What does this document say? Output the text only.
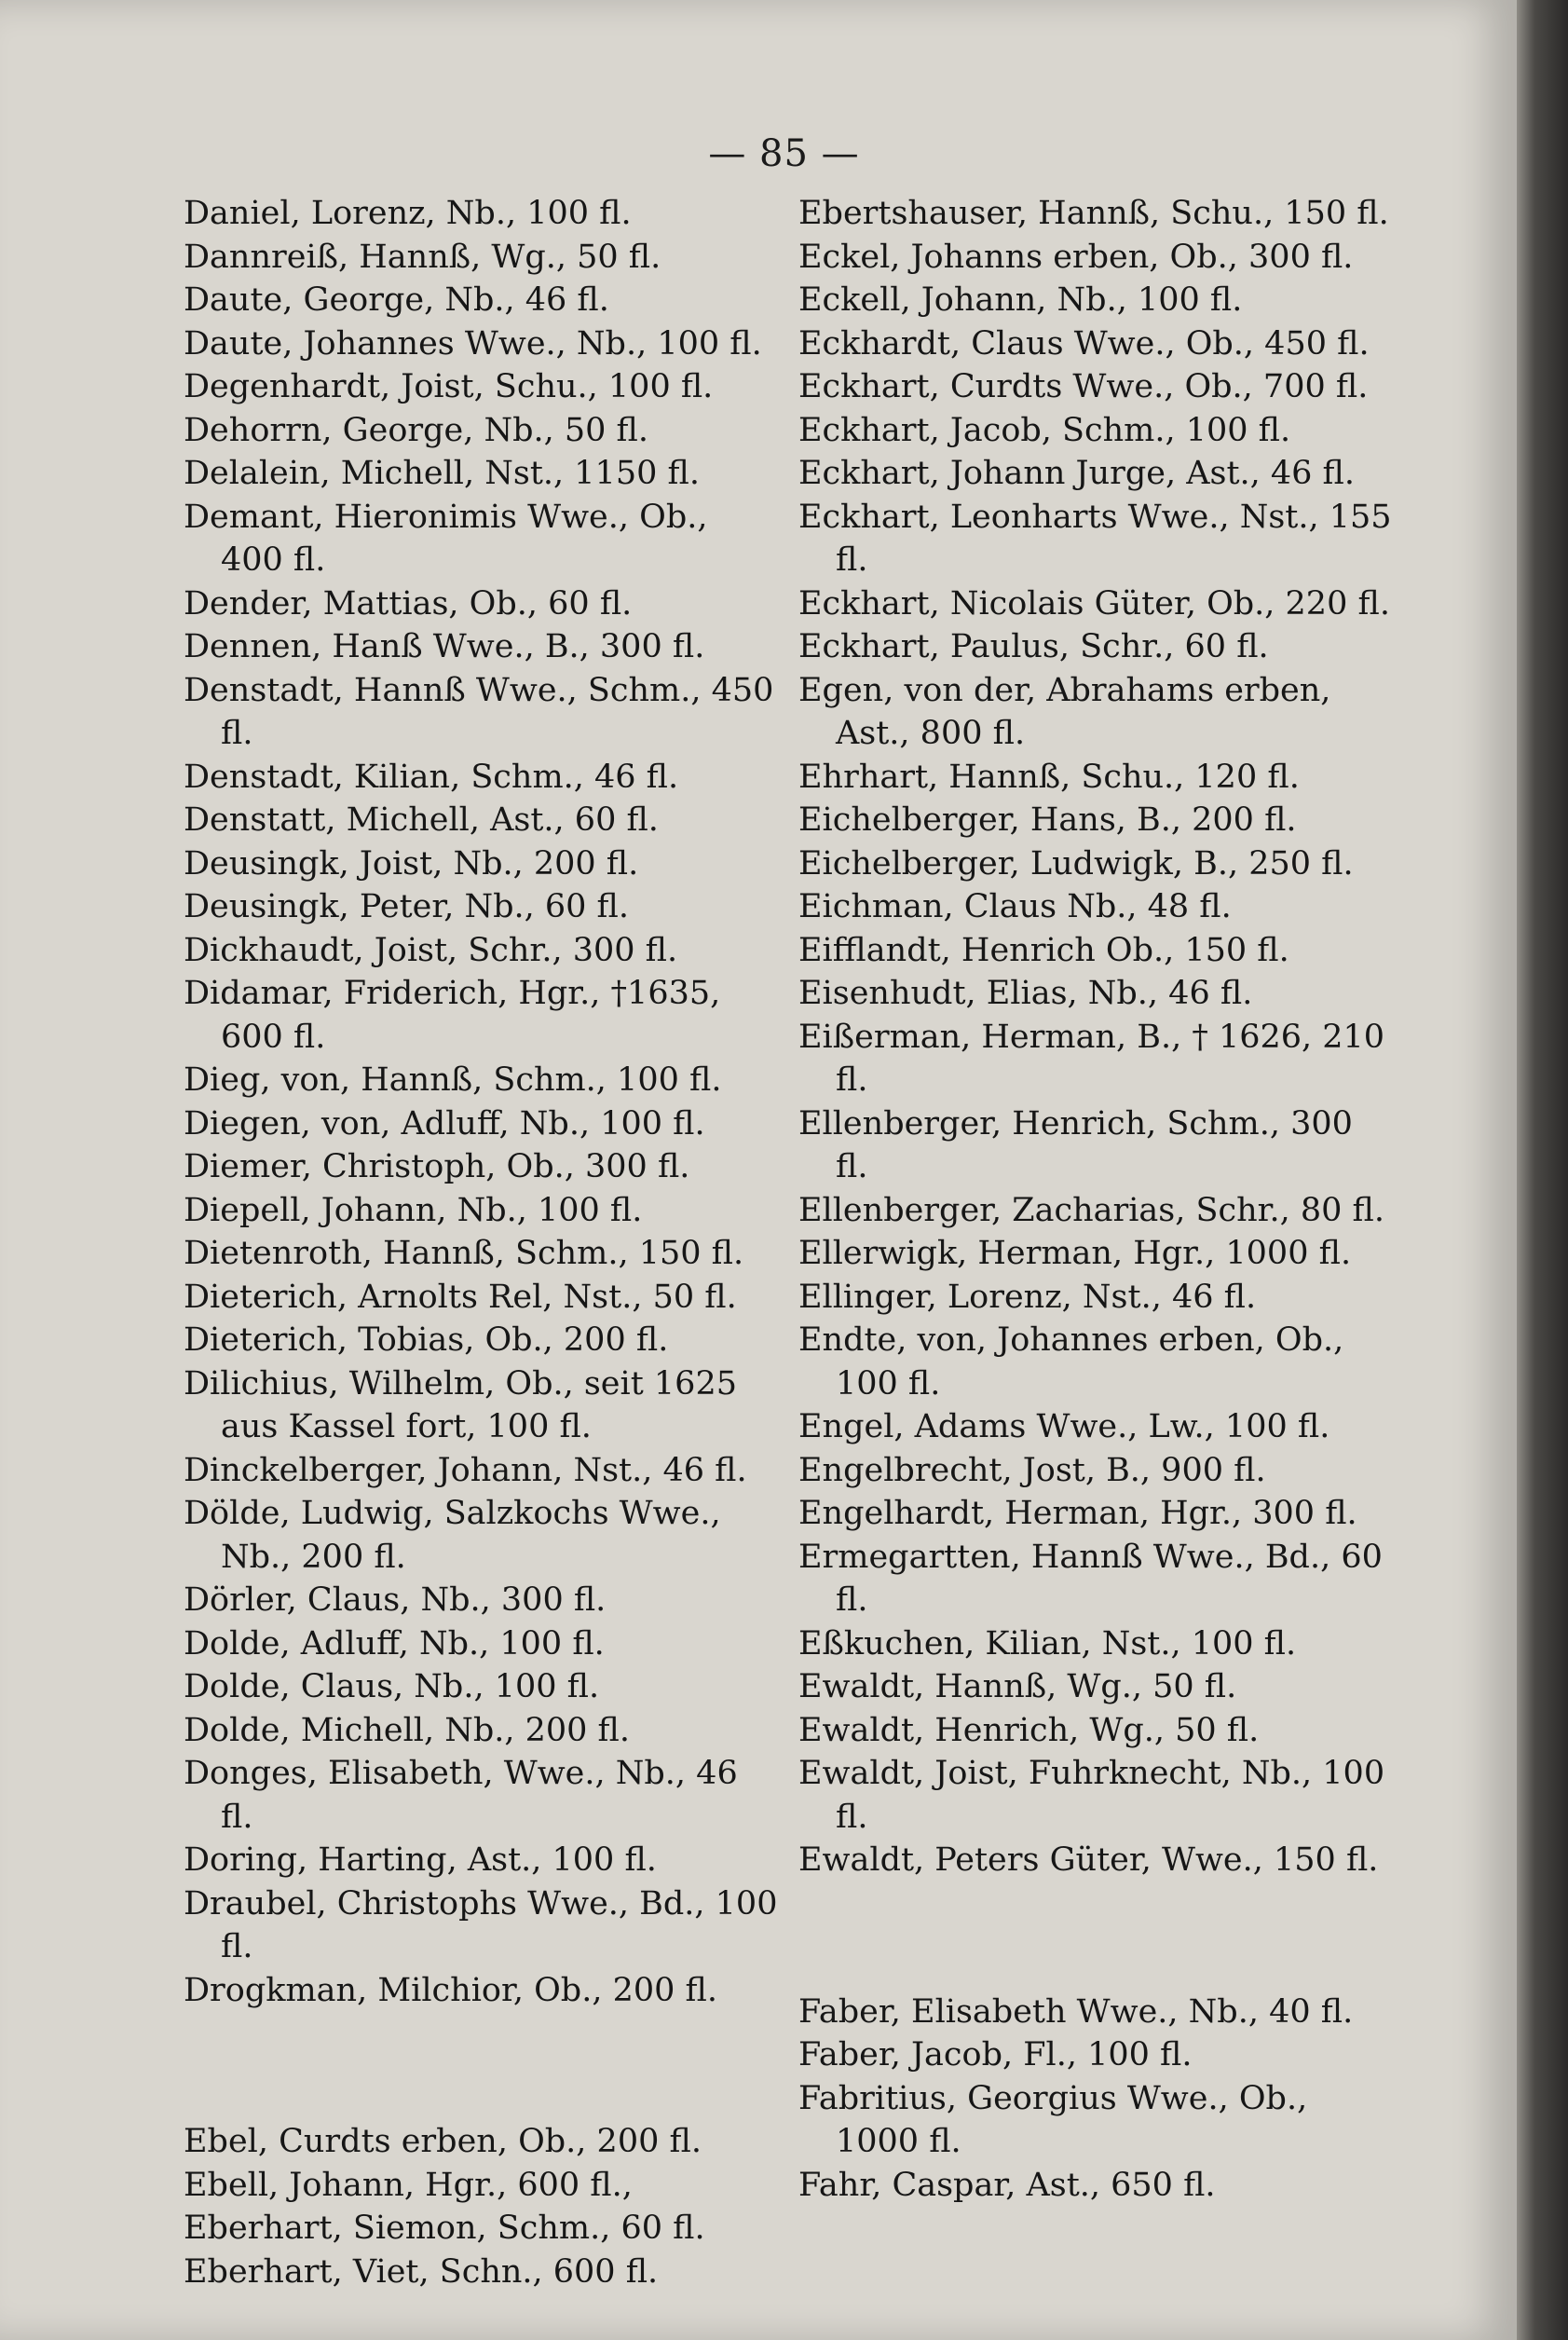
— 85 —

Daniel, Lorenz, Nb., 100 fl.

Dannreiß, Hannß, Wg., 50 fl.

Daute, George, Nb., 46 fl.

Daute, Johannes Wwe., Nb., 100 fl.

Degenhardt, Joist, Schu., 100 fl.

Dehorrn, George, Nb., 50 fl.

Delalein, Michell, Nst., 1150 fl.

Demant, Hieronimis Wwe., Ob., 400 fl.

Dender, Mattias, Ob., 60 fl.

Dennen, Hanß Wwe., B., 300 fl.

Denstadt, Hannß Wwe., Schm., 450 fl.

Denstadt, Kilian, Schm., 46 fl.

Denstatt, Michell, Ast., 60 fl.

Deusingk, Joist, Nb., 200 fl.

Deusingk, Peter, Nb., 60 fl.

Dickhaudt, Joist, Schr., 300 fl.

Didamar, Friderich, Hgr., †1635, 600 fl.

Dieg, von, Hannß, Schm., 100 fl.

Diegen, von, Adluff, Nb., 100 fl.

Diemer, Christoph, Ob., 300 fl.

Diepell, Johann, Nb., 100 fl.

Dietenroth, Hannß, Schm., 150 fl.

Dieterich, Arnolts Rel, Nst., 50 fl.

Dieterich, Tobias, Ob., 200 fl.

Dilichius, Wilhelm, Ob., seit 1625 aus Kassel fort, 100 fl.

Dinckelberger, Johann, Nst., 46 fl.

Dölde, Ludwig, Salzkochs Wwe., Nb., 200 fl.

Dörler, Claus, Nb., 300 fl.

Dolde, Adluff, Nb., 100 fl.

Dolde, Claus, Nb., 100 fl.

Dolde, Michell, Nb., 200 fl.

Donges, Elisabeth, Wwe., Nb., 46 fl.

Doring, Harting, Ast., 100 fl.

Draubel, Christophs Wwe., Bd., 100 fl.

Drogkman, Milchior, Ob., 200 fl.

Ebel, Curdts erben, Ob., 200 fl.

Ebell, Johann, Hgr., 600 fl.,

Eberhart, Siemon, Schm., 60 fl.

Eberhart, Viet, Schn., 600 fl.

Ebertshauser, Hannß, Schu., 150 fl.

Eckel, Johanns erben, Ob., 300 fl.

Eckell, Johann, Nb., 100 fl.

Eckhardt, Claus Wwe., Ob., 450 fl.

Eckhart, Curdts Wwe., Ob., 700 fl.

Eckhart, Jacob, Schm., 100 fl.

Eckhart, Johann Jurge, Ast., 46 fl.

Eckhart, Leonharts Wwe., Nst., 155 fl.

Eckhart, Nicolais Güter, Ob., 220 fl.

Eckhart, Paulus, Schr., 60 fl.

Egen, von der, Abrahams erben, Ast., 800 fl.

Ehrhart, Hannß, Schu., 120 fl.

Eichelberger, Hans, B., 200 fl.

Eichelberger, Ludwigk, B., 250 fl.

Eichman, Claus Nb., 48 fl.

Eifflandt, Henrich Ob., 150 fl.

Eisenhudt, Elias, Nb., 46 fl.

Eißerman, Herman, B., † 1626, 210 fl.

Ellenberger, Henrich, Schm., 300 fl.

Ellenberger, Zacharias, Schr., 80 fl.

Ellerwigk, Herman, Hgr., 1000 fl.

Ellinger, Lorenz, Nst., 46 fl.

Endte, von, Johannes erben, Ob., 100 fl.

Engel, Adams Wwe., Lw., 100 fl.

Engelbrecht, Jost, B., 900 fl.

Engelhardt, Herman, Hgr., 300 fl.

Ermegartten, Hannß Wwe., Bd., 60 fl.

Eßkuchen, Kilian, Nst., 100 fl.

Ewaldt, Hannß, Wg., 50 fl.

Ewaldt, Henrich, Wg., 50 fl.

Ewaldt, Joist, Fuhrknecht, Nb., 100 fl.

Ewaldt, Peters Güter, Wwe., 150 fl.

Faber, Elisabeth Wwe., Nb., 40 fl.

Faber, Jacob, Fl., 100 fl.

Fabritius, Georgius Wwe., Ob., 1000 fl.

Fahr, Caspar, Ast., 650 fl.
